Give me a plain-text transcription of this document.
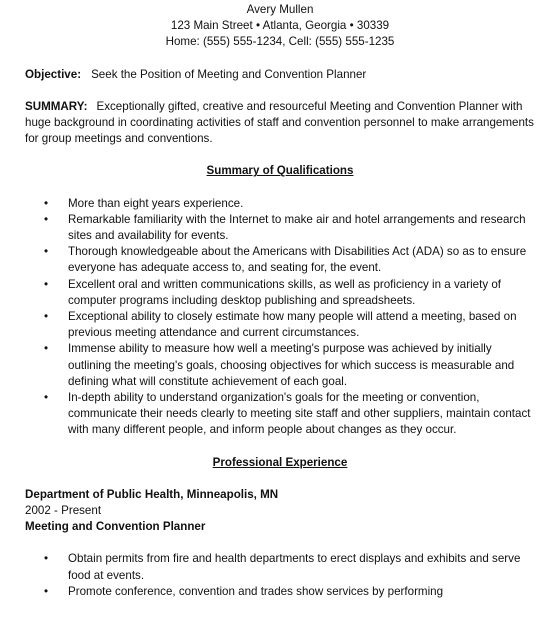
Avery Mullen

123 Main Street • Atlanta, Georgia • 30339

Home: (555) 555-1234, Cell: (555) 555-1235

Objective: Seek the Position of Meeting and Convention Planner

SUMMARY: Exceptionally gifted, creative and resourceful Meeting and Convention Planner with huge background in coordinating activities of staff and convention personnel to make arrangements for group meetings and conventions.

Summary of Qualifications

• More than eight years experience.
• Remarkable familiarity with the Internet to make air and hotel arrangements and research sites and availability for events.
• Thorough knowledgeable about the Americans with Disabilities Act (ADA) so as to ensure everyone has adequate access to, and seating for, the event.
• Excellent oral and written communications skills, as well as proficiency in a variety of computer programs including desktop publishing and spreadsheets.
• Exceptional ability to closely estimate how many people will attend a meeting, based on previous meeting attendance and current circumstances.
• Immense ability to measure how well a meeting's purpose was achieved by initially outlining the meeting's goals, choosing objectives for which success is measurable and defining what will constitute achievement of each goal.
• In-depth ability to understand organization's goals for the meeting or convention, communicate their needs clearly to meeting site staff and other suppliers, maintain contact with many different people, and inform people about changes as they occur.

Professional Experience

Department of Public Health, Minneapolis, MN

2002 - Present

Meeting and Convention Planner

• Obtain permits from fire and health departments to erect displays and exhibits and serve food at events.
• Promote conference, convention and trades show services by performing
